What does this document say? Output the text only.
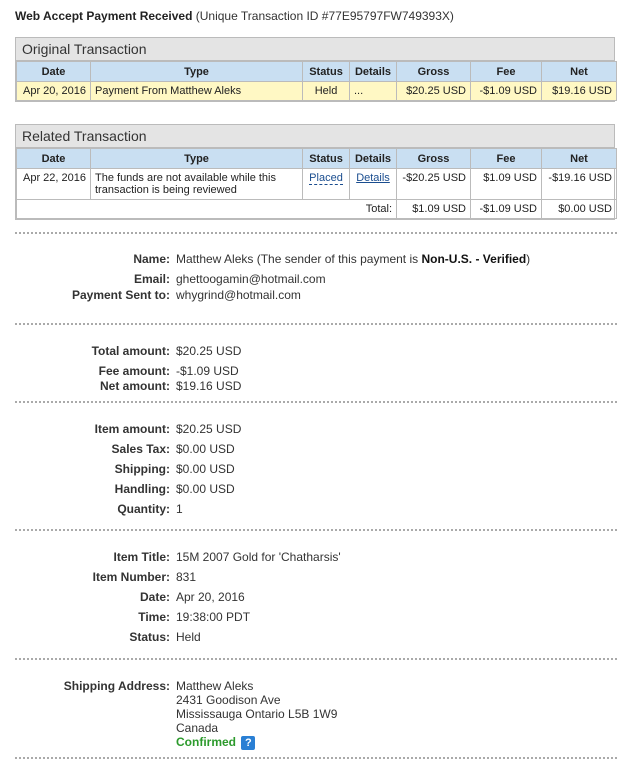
Web Accept Payment Received (Unique Transaction ID #77E95797FW749393X)
Original Transaction
Date	Type	Status	Details	Gross	Fee	Net
Apr 20, 2016	Payment From Matthew Aleks	Held	...	$20.25 USD	-$1.09 USD	$19.16 USD
Related Transaction
Date	Type	Status	Details	Gross	Fee	Net
Apr 22, 2016	The funds are not available while this transaction is being reviewed	Placed	Details	-$20.25 USD	$1.09 USD	-$19.16 USD
Total:				$1.09 USD	-$1.09 USD	$0.00 USD
Name: Matthew Aleks (The sender of this payment is Non-U.S. - Verified)
Email: ghettoogamin@hotmail.com
Payment Sent to: whygrind@hotmail.com
Total amount: $20.25 USD
Fee amount: -$1.09 USD
Net amount: $19.16 USD
Item amount: $20.25 USD
Sales Tax: $0.00 USD
Shipping: $0.00 USD
Handling: $0.00 USD
Quantity: 1
Item Title: 15M 2007 Gold for 'Chatharsis'
Item Number: 831
Date: Apr 20, 2016
Time: 19:38:00 PDT
Status: Held
Shipping Address: Matthew Aleks
2431 Goodison Ave
Mississauga Ontario L5B 1W9
Canada
Confirmed ?
